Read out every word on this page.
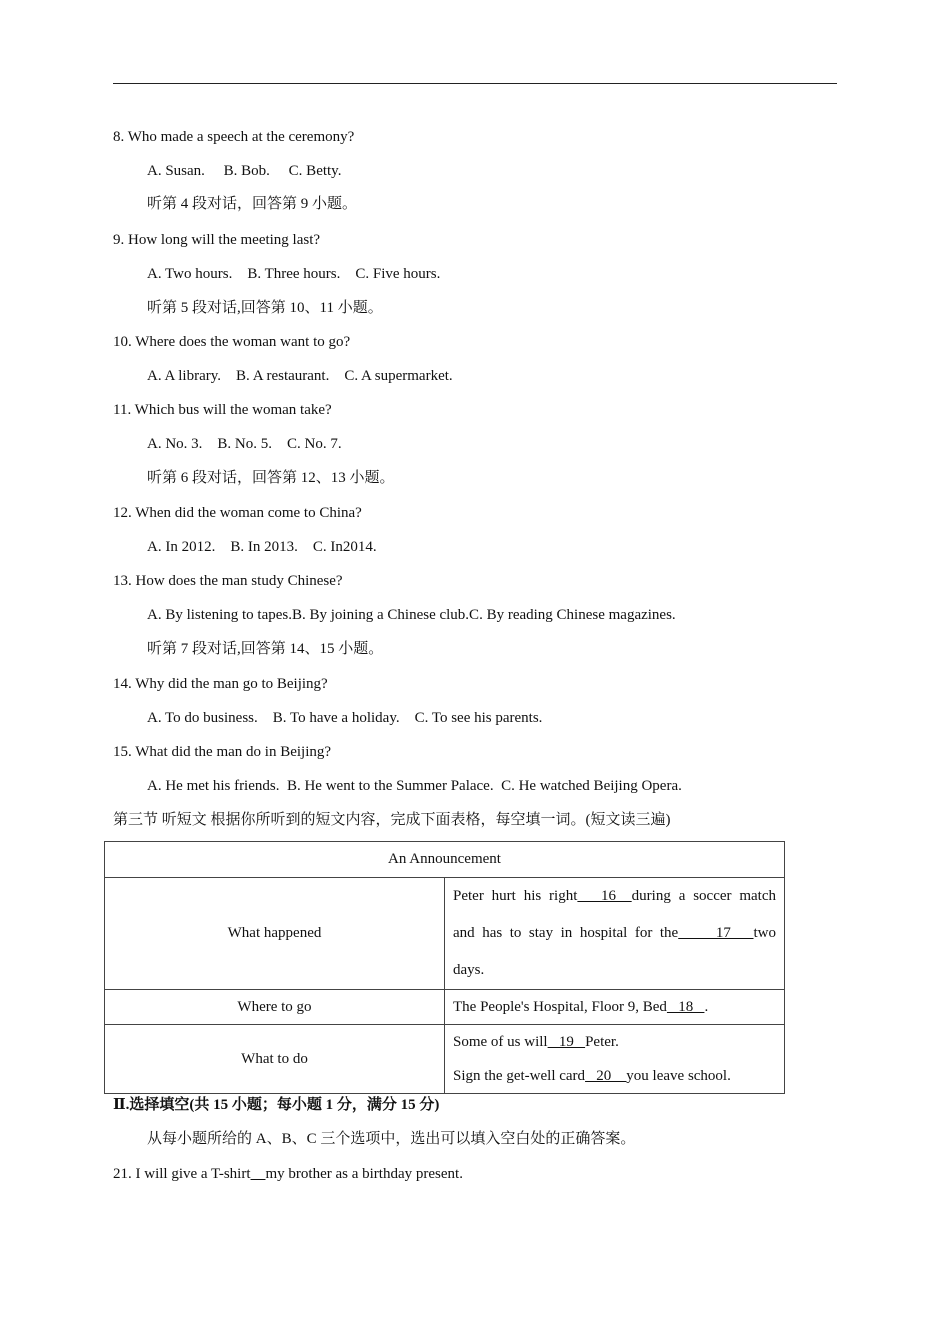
8. Who made a speech at the ceremony?
A. Susan.     B. Bob.     C. Betty.
听第 4 段对话，回答第 9 小题。
9. How long will the meeting last?
A. Two hours.    B. Three hours.    C. Five hours.
听第 5 段对话,回答第 10、11 小题。
10. Where does the woman want to go?
A. A library.    B. A restaurant.    C. A supermarket.
11. Which bus will the woman take?
A. No. 3.    B. No. 5.    C. No. 7.
听第 6 段对话，回答第 12、13 小题。
12. When did the woman come to China?
A. In 2012.    B. In 2013.    C. In2014.
13. How does the man study Chinese?
A. By listening to tapes.B. By joining a Chinese club.C. By reading Chinese magazines.
听第 7 段对话,回答第 14、15 小题。
14. Why did the man go to Beijing?
A. To do business.    B. To have a holiday.    C. To see his parents.
15. What did the man do in Beijing?
A. He met his friends.  B. He went to the Summer Palace.  C. He watched Beijing Opera.
第三节 听短文 根据你所听到的短文内容，完成下面表格，每空填一词。(短文读三遍)
An Announcement	
What happened	Peter hurt his right   16  during a soccer match
and has to stay in hospital for the     17   two
days.

Where to go	The People's Hospital, Floor 9, Bed   18   .
What to do	Some of us will   19   Peter.
Sign the get-well card   20    you leave school.
Ⅱ.选择填空(共 15 小题；每小题 1 分，满分 15 分)
从每小题所给的 A、B、C 三个选项中，选出可以填入空白处的正确答案。
21. I will give a T-shirt my brother as a birthday present.
